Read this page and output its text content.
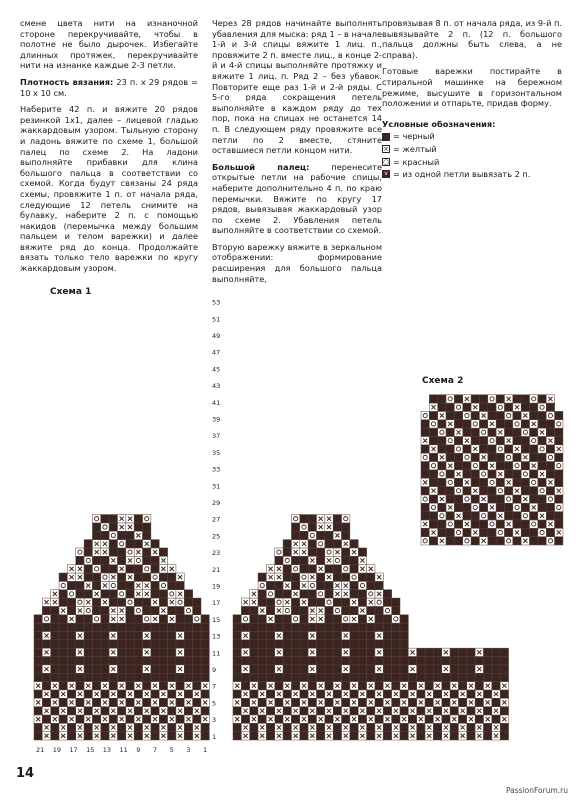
смене цвета нити на изнаночной стороне перекручивайте, чтобы в полотне не было дырочек. Избегайте длинных протяжек, перекручивайте нити на изнанке каждые 2-3 петли.

Плотность вязания: 23 п. х 29 рядов = 10 х 10 см.

Наберите 42 п. и вяжите 20 рядов резинкой 1х1, далее – лицевой гладью жаккардовым узором. Тыльную сторону и ладонь вяжите по схеме 1, большой палец по схеме 2. На ладони выполняйте прибавки для клина большого пальца в соответствии со схемой. Когда будут связаны 24 ряда схемы, провяжите 1 п. от начала ряда, следующие 12 петель снимите на булавку, наберите 2 п. с помощью накидов (перемычка между большим пальцем и телом варежки) и далее вяжите ряд до конца. Продолжайте вязать только тело варежки по кругу жаккардовым узором.

Через 28 рядов начинайте выполнять убавления для мыска: ряд 1 – в начале 1-й и 3-й спицы вяжите 1 лиц. п., провяжите 2 п. вместе лиц., в конце 2-й и 4-й спицы выполняйте протяжку и вяжите 1 лиц. п. Ряд 2 – без убавок. Повторите еще раз 1-й и 2-й ряды. С 5-го ряда сокращения петель выполняйте в каждом ряду до тех пор, пока на спицах не останется 14 п. В следующем ряду провяжите все петли по 2 вместе, стяните оставшиеся петли концом нити.

Большой палец:	перенесите открытые петли на рабочие спицы, наберите дополнительно 4 п. по краю перемычки. Вяжите по кругу 17 рядов, вывязывая жаккардовый узор по схеме 2. Убавления петель выполняйте в соответствии со схемой.

Вторую варежку вяжите в зеркальном отображении: формирование расширения для большого пальца выполняйте,

провязывая 8 п. от начала ряда, из 9-й п. вывязывайте 2 п. (12 п. большого пальца должны быть слева, а не справа).

Готовые варежки постирайте в стиральной машинке на бережном режиме, высушите в горизонтальном положении и отпарьте, придав форму.

Условные обозначения:
= черный
× = желтый
○ = красный
v = из одной петли вывязать 2 п.
Схема 1
Схема 2
1
3
5
7
9
11
13
15
17
19
21
23
25
27
29
31
33
35
37
39
41
43
45
47
49
51
53
21 19 17 15 13 11 9 7 5 3 1
14
PassionForum.ru
